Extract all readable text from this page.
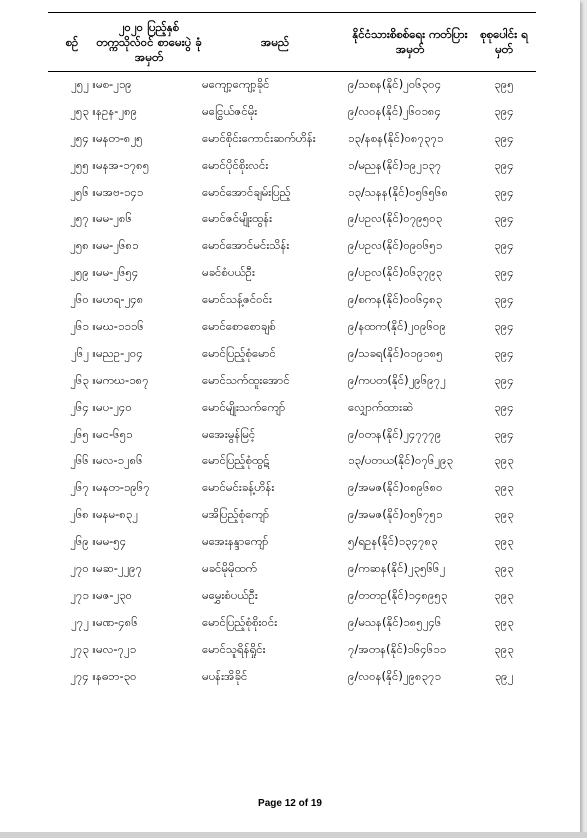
စဉ်	၂၀၂၀ ပြည့်နှစ် တက္ကသိုလ်ဝင် စာမေးပွဲ ခုံအမှတ်	အမည်	နိုင်ငံသားစိစစ်ရေး ကတ်ပြားအမှတ်	စုစုပေါင်း ရမှတ်
၂၅၂ ။	မစ-၂၁၉	မကျော့ကျော့ခိုင်	၉/သစန(နိုင်)၂၀၆၃၀၄	၃၉၅
၂၅၃ ။	နဥန-၂၈၉	မငြွေယ်ဇင်မိုး	၉/လဝန(နိုင်)၂၆၀၁၈၄	၃၉၄
၂၅၄ ။	မနတ-၈၂၅	မောင်စိုင်းကောင်းဆက်ဟိန်း	၁၃/နစန(နိုင်)၀၈၇၃၇၁	၃၉၄
၂၅၅ ။	မနအ-၁၇၈၅	မောင်ပိုင်စိုးလင်း	၁/မညန(နိုင်)၁၉၂၁၃၇	၃၉၄
၂၅၆ ။	မအဗ-၁၄၁	မောင်အောင်ချမ်းပြည့်	၁၃/သနန(နိုင်)၀၅၆၅၆၈	၃၉၄
၂၅၇ ။	မမ-၂၈၆	မောင်ဇင်မျိုးထွန်း	၉/ပဥလ(နိုင်)၀၇၉၅၀၃	၃၉၄
၂၅၈ ။	မမ-၂၆၈၁	မောင်အောင်မင်းသိန်း	၉/ပဥလ(နိုင်)၀၉၀၆၅၁	၃၉၄
၂၅၉ ။	မမ-၂၆၅၄	မခင်စံပယ်ဦး	၉/ပဥလ(နိုင်)၀၆၃၇၉၃	၃၉၄
၂၆၀ ။	မဟရ-၂၄၈	မောင်သန့်ဇင်ဝင်း	၉/စကန(နိုင်)၀၀၆၄၈၃	၃၉၄
၂၆၁ ။	မဃ-၁၁၁၆	မောင်စောစောချစ်	၉/နထက(နိုင်)၂၀၉၆၀၉	၃၉၄
၂၆၂ ။	မညဥ-၂၀၄	မောင်ပြည့်စုံမောင်	၉/သခရ(နိုင်)၀၁၉၁၈၅	၃၉၄
၂၆၃ ။	မကဃ-၁၈၇	မောင်သက်ထူးအောင်	၉/ကပတ(နိုင်)၂၉၆၉၇၂	၃၉၄
၂၆၄ ။	မပ-၂၄၀	မောင်မျိုးသက်ကျော်	လျှောက်ထားဆဲ	၃၉၄
၂၆၅ ။	မင-၆၅၁	မအေးမွန်မြင့်	၉/ဝတန(နိုင်)၂၄၇၇၇၉	၃၉၄
၂၆၆ ။	မလ-၁၂၈၆	မောင်ပြည့်စုံထွဋ်	၁၃/ပတယ(နိုင်)၀၇၆၂၉၃	၃၉၃
၂၆၇ ။	မနတ-၁၉၆၇	မောင်မင်းခန့်ဟိန်း	၉/အမဇ(နိုင်)၀၈၉၆၈၀	၃၉၃
၂၆၈ ။	မနမ-၈၃၂	မအိပြည့်စုံကျော်	၉/အမဇ(နိုင်)၀၅၆၇၅၁	၃၉၃
၂၆၉ ။	မမ-၅၄	မအေးနန္ဒာကျော်	၅/ရဥန(နိုင်)၁၃၄၇၈၃	၃၉၃
၂၇၀ ။	မဆ-၂၂၉၇	မခင်မိုမိုထက်	၉/ကဆန(နိုင်)၂၃၅၆၆၂	၃၉၃
၂၇၁ ။	မဇ-၂၃၀	မမွှေးစံပယ်ဦး	၉/တတဥ(နိုင်)၁၄၈၉၅၃	၃၉၃
၂၇၂ ။	မဏ-၄၈၆	မောင်ပြည့်စုံစိုးဝင်း	၉/မသန(နိုင်)၁၈၅၂၄၆	၃၉၃
၂၇၃ ။	မလ-၇၂၁	မောင်သူရိန်ရှိုင်း	၇/အတန(နိုင်)၁၆၄၆၁၁	၃၉၃
၂၇၄ ။	နဓဘ-၃၀	မပန်းအိခိုင်	၉/လဝန(နိုင်)၂၉၈၃၇၁	၃၉၂
Page 12 of 19
